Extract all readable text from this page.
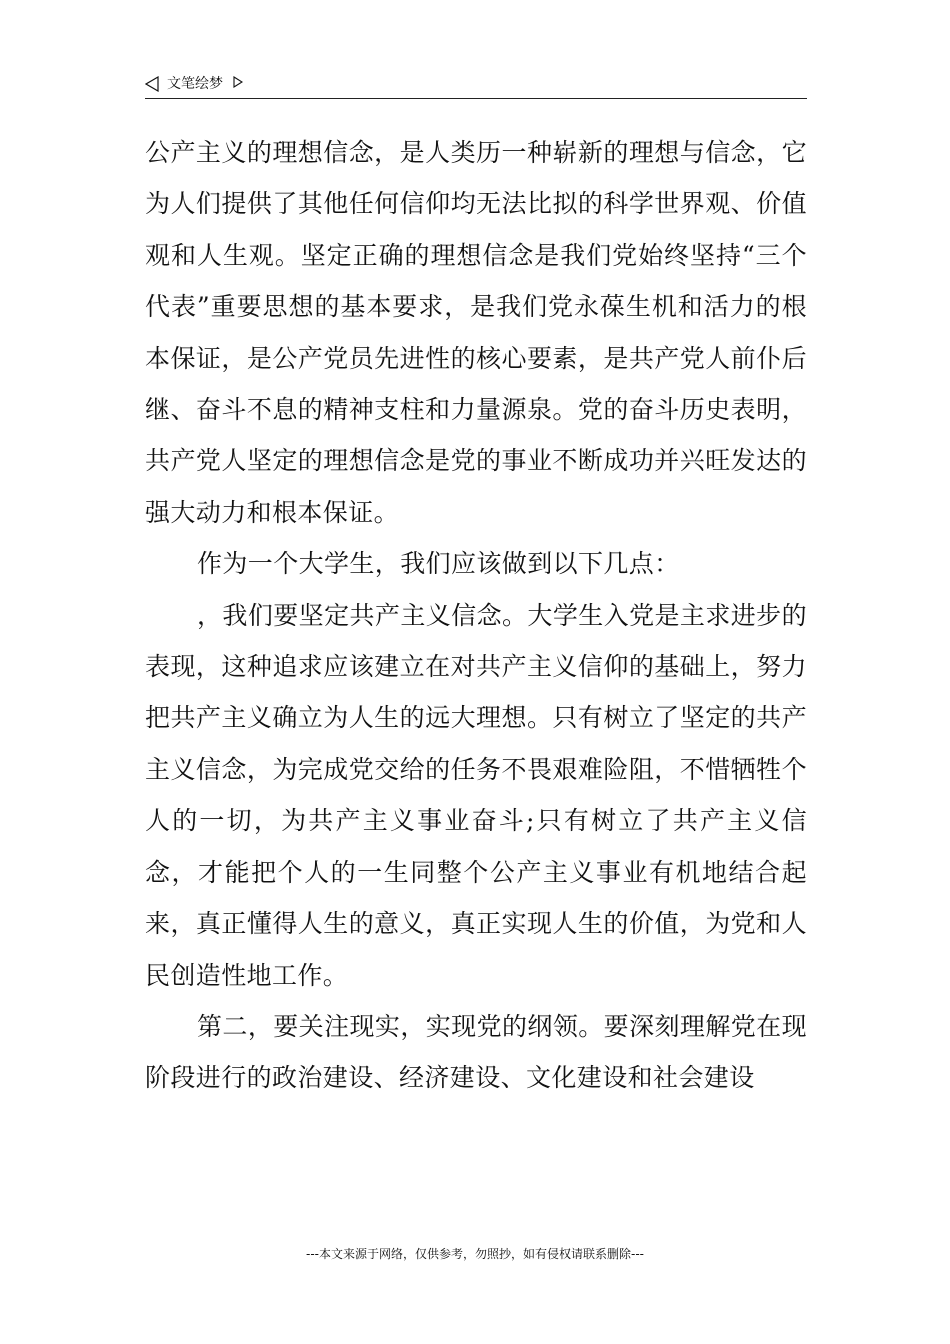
文笔绘梦

公产主义的理想信念，是人类历一种崭新的理想与信念，它为人们提供了其他任何信仰均无法比拟的科学世界观、价值观和人生观。坚定正确的理想信念是我们党始终坚持“三个代表”重要思想的基本要求，是我们党永葆生机和活力的根本保证，是公产党员先进性的核心要素，是共产党人前仆后继、奋斗不息的精神支柱和力量源泉。党的奋斗历史表明，共产党人坚定的理想信念是党的事业不断成功并兴旺发达的强大动力和根本保证。

作为一个大学生，我们应该做到以下几点：

，我们要坚定共产主义信念。大学生入党是主求进步的表现，这种追求应该建立在对共产主义信仰的基础上，努力把共产主义确立为人生的远大理想。只有树立了坚定的共产主义信念，为完成党交给的任务不畏艰难险阻，不惜牺牲个人的一切，为共产主义事业奋斗;只有树立了共产主义信念，才能把个人的一生同整个公产主义事业有机地结合起来，真正懂得人生的意义，真正实现人生的价值，为党和人民创造性地工作。

第二，要关注现实，实现党的纲领。要深刻理解党在现阶段进行的政治建设、经济建设、文化建设和社会建设

---本文来源于网络，仅供参考，勿照抄，如有侵权请联系删除---
